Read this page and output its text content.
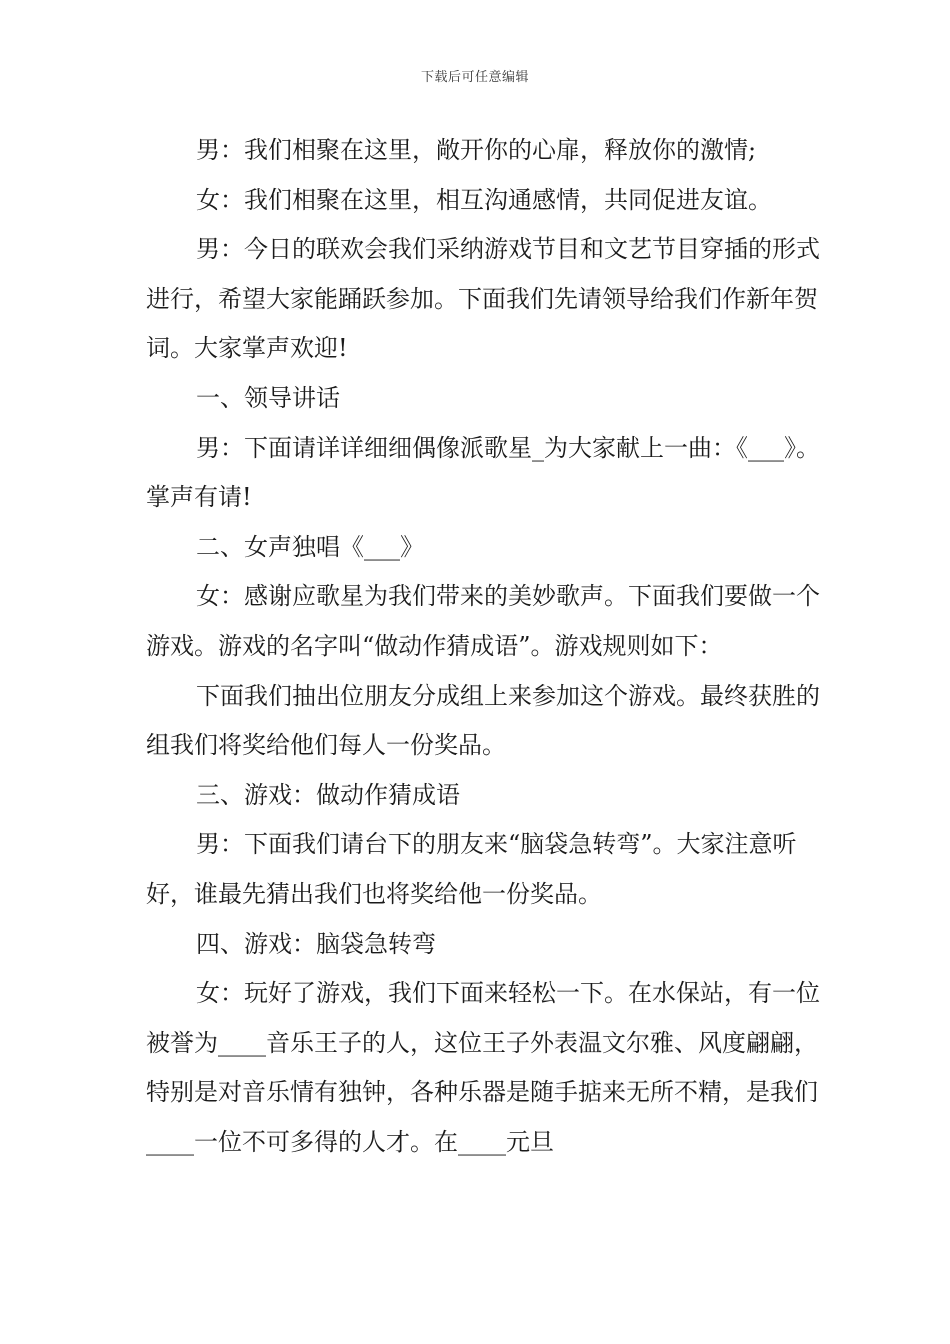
下载后可任意编辑

男：我们相聚在这里，敞开你的心扉，释放你的激情;

女：我们相聚在这里，相互沟通感情，共同促进友谊。

男：今日的联欢会我们采纳游戏节目和文艺节目穿插的形式进行，希望大家能踊跃参加。下面我们先请领导给我们作新年贺词。大家掌声欢迎!

一、领导讲话

男：下面请详详细细偶像派歌星_为大家献上一曲：《___》。掌声有请!

二、女声独唱《___》

女：感谢应歌星为我们带来的美妙歌声。下面我们要做一个游戏。游戏的名字叫“做动作猜成语”。游戏规则如下：

下面我们抽出位朋友分成组上来参加这个游戏。最终获胜的组我们将奖给他们每人一份奖品。

三、游戏：做动作猜成语

男：下面我们请台下的朋友来“脑袋急转弯”。大家注意听好，谁最先猜出我们也将奖给他一份奖品。

四、游戏：脑袋急转弯

女：玩好了游戏，我们下面来轻松一下。在水保站，有一位被誉为____音乐王子的人，这位王子外表温文尔雅、风度翩翩，特别是对音乐情有独钟，各种乐器是随手掂来无所不精，是我们____一位不可多得的人才。在____元旦
